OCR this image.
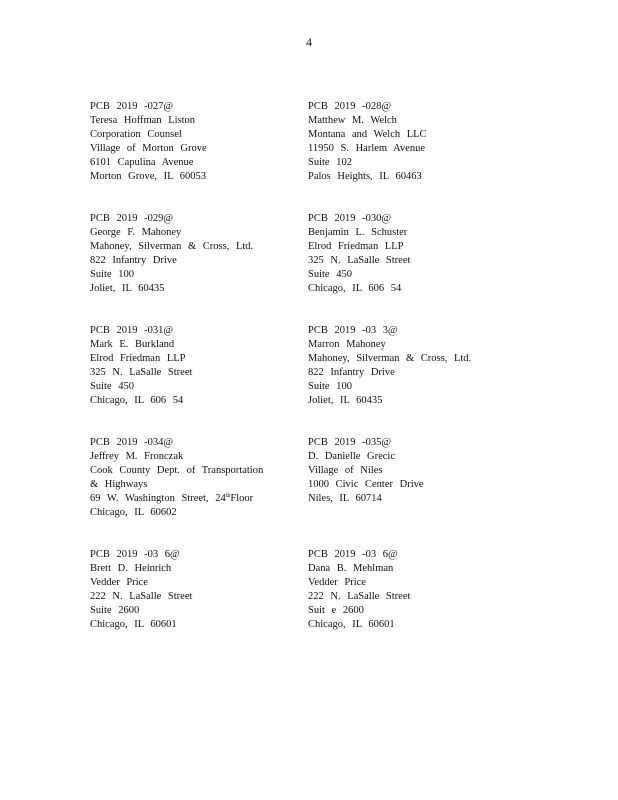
4
PCB 2019 -027@
Teresa Hoffman Liston
Corporation Counsel
Village of Morton Grove
6101 Capulina Avenue
Morton Grove, IL 60053
PCB 2019 -028@
Matthew M. Welch
Montana and Welch LLC
11950 S. Harlem Avenue
Suite 102
Palos Heights, IL 60463
PCB 2019 -029@
George F. Mahoney
Mahoney, Silverman & Cross, Ltd.
822 Infantry Drive
Suite 100
Joliet, IL 60435
PCB 2019 -030@
Benjamin L. Schuster
Elrod Friedman LLP
325 N. LaSalle Street
Suite 450
Chicago, IL 606 54
PCB 2019 -031@
Mark E. Burkland
Elrod Friedman LLP
325 N. LaSalle Street
Suite 450
Chicago, IL 606 54
PCB 2019 -03 3@
Marron Mahoney
Mahoney, Silverman & Cross, Ltd.
822 Infantry Drive
Suite 100
Joliet, IL 60435
PCB 2019 -034@
Jeffrey M. Fronczak
Cook County Dept. of Transportation
& Highways
69 W. Washington Street, 24thFloor
Chicago, IL 60602
PCB 2019 -035@
D. Danielle Grecic
Village of Niles
1000 Civic Center Drive
Niles, IL 60714
PCB 2019 -03 6@
Brett D. Heinrich
Vedder Price
222 N. LaSalle Street
Suite 2600
Chicago, IL 60601
PCB 2019 -03 6@
Dana B. Mehlman
Vedder Price
222 N. LaSalle Street
Suit e 2600
Chicago, IL 60601
